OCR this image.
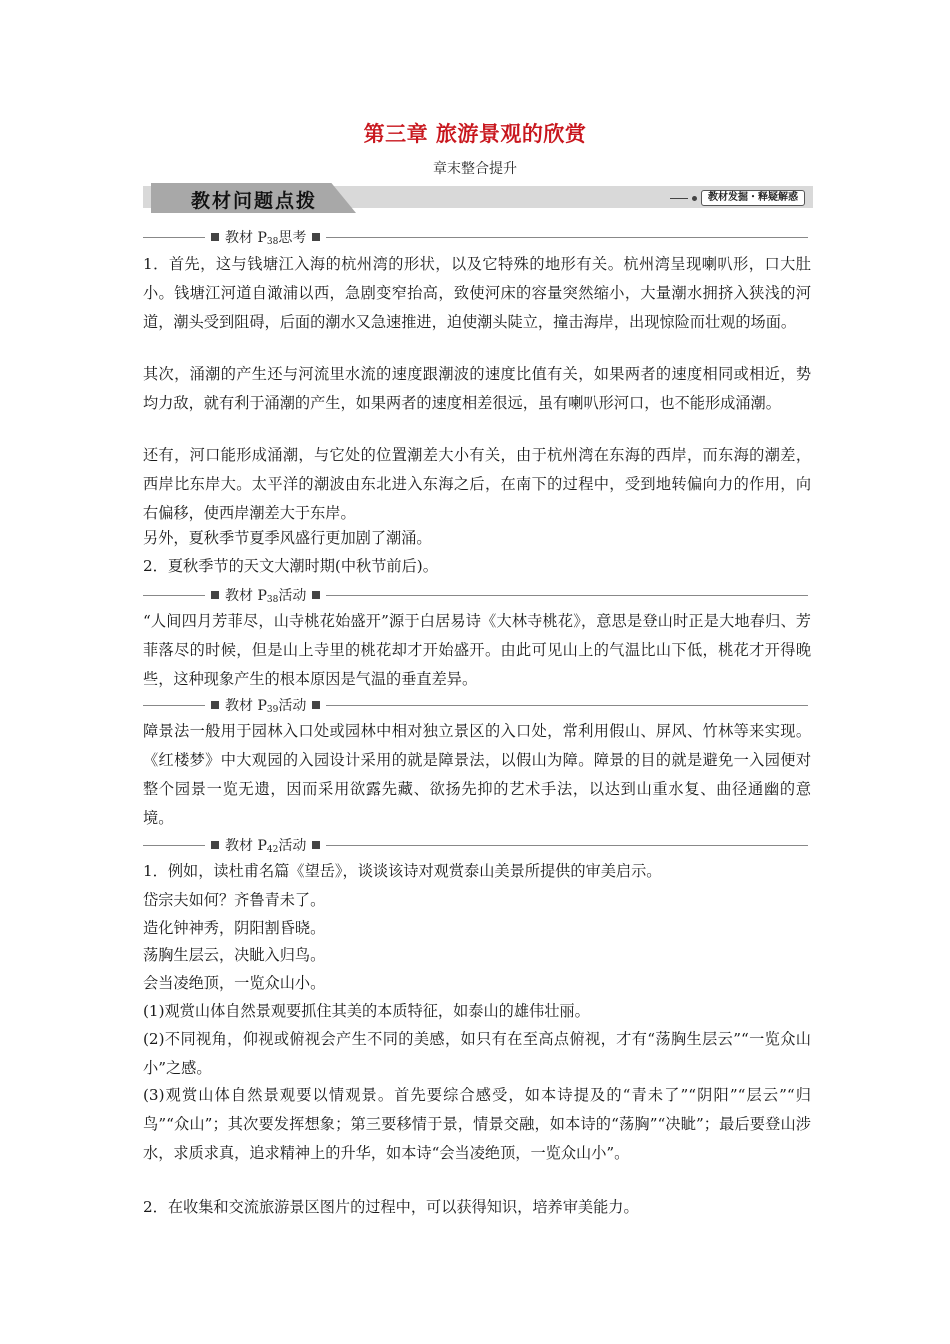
第三章 旅游景观的欣赏
章末整合提升
教材问题点拨	教材发掘・释疑解惑
教材 $P_{38}$思考
1．首先，这与钱塘江入海的杭州湾的形状，以及它特殊的地形有关。杭州湾呈现喇叭形，口大肚小。钱塘江河道自澉浦以西，急剧变窄抬高，致使河床的容量突然缩小，大量潮水拥挤入狭浅的河道，潮头受到阻碍，后面的潮水又急速推进，迫使潮头陡立，撞击海岸，出现惊险而壮观的场面。
其次，涌潮的产生还与河流里水流的速度跟潮波的速度比值有关，如果两者的速度相同或相近，势均力敌，就有利于涌潮的产生，如果两者的速度相差很远，虽有喇叭形河口，也不能形成涌潮。
还有，河口能形成涌潮，与它处的位置潮差大小有关，由于杭州湾在东海的西岸，而东海的潮差，西岸比东岸大。太平洋的潮波由东北进入东海之后，在南下的过程中，受到地转偏向力的作用，向右偏移，使西岸潮差大于东岸。
另外，夏秋季节夏季风盛行更加剧了潮涌。
2．夏秋季节的天文大潮时期(中秋节前后)。
教材 $P_{38}$活动
“人间四月芳菲尽，山寺桃花始盛开”源于白居易诗《大林寺桃花》，意思是登山时正是大地春归、芳菲落尽的时候，但是山上寺里的桃花却才开始盛开。由此可见山上的气温比山下低，桃花才开得晚些，这种现象产生的根本原因是气温的垂直差异。
教材 $P_{39}$活动
障景法一般用于园林入口处或园林中相对独立景区的入口处，常利用假山、屏风、竹林等来实现。《红楼梦》中大观园的入园设计采用的就是障景法，以假山为障。障景的目的就是避免一入园便对整个园景一览无遗，因而采用欲露先藏、欲扬先抑的艺术手法，以达到山重水复、曲径通幽的意境。
教材 $P_{42}$活动
1．例如，读杜甫名篇《望岳》，谈谈该诗对观赏泰山美景所提供的审美启示。
岱宗夫如何？齐鲁青未了。
造化钟神秀，阴阳割昏晓。
荡胸生层云，决眦入归鸟。
会当凌绝顶，一览众山小。
(1)观赏山体自然景观要抓住其美的本质特征，如泰山的雄伟壮丽。
(2)不同视角，仰视或俯视会产生不同的美感，如只有在至高点俯视，才有“荡胸生层云”“一览众山小”之感。
(3)观赏山体自然景观要以情观景。首先要综合感受，如本诗提及的“青未了”“阴阳”“层云”“归鸟”“众山”；其次要发挥想象；第三要移情于景，情景交融，如本诗的“荡胸”“决眦”；最后要登山涉水，求质求真，追求精神上的升华，如本诗“会当凌绝顶，一览众山小”。
2．在收集和交流旅游景区图片的过程中，可以获得知识，培养审美能力。
